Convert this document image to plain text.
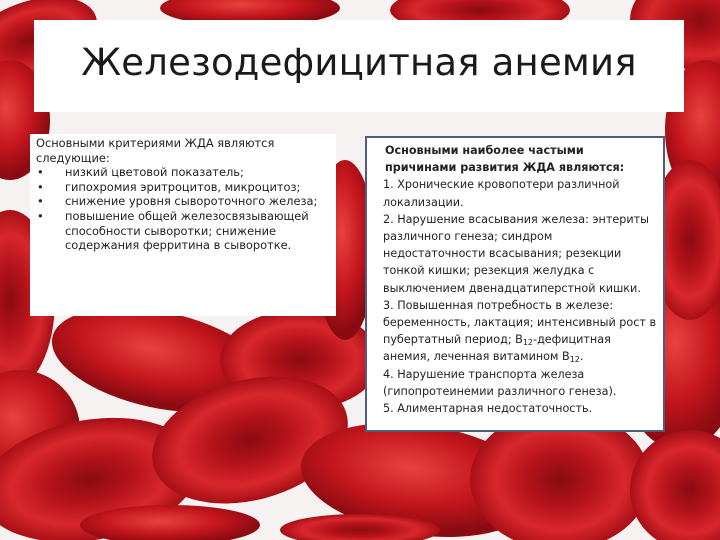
Железодефицитная анемия
Основными критериями ЖДА являются следующие:
• низкий цветовой показатель;
• гипохромия эритроцитов, микроцитоз;
• снижение уровня сывороточного железа;
• повышение общей железосвязывающей способности сыворотки; снижение содержания ферритина в сыворотке.

Основными наиболее частыми причинами развития ЖДА являются:

1. Хронические кровопотери различной локализации.

2. Нарушение всасывания железа: энтериты различного генеза; синдром недостаточности всасывания; резекции тонкой кишки; резекция желудка с выключением двенадцатиперстной кишки.

3. Повышенная потребность в железе: беременность, лактация; интенсивный рост в пубертатный период; $В_{12}$-дефицитная анемия, леченная витамином $В_{12}$.

4. Нарушение транспорта железа (гипопротеинемии различного генеза).

5. Алиментарная недостаточность.
